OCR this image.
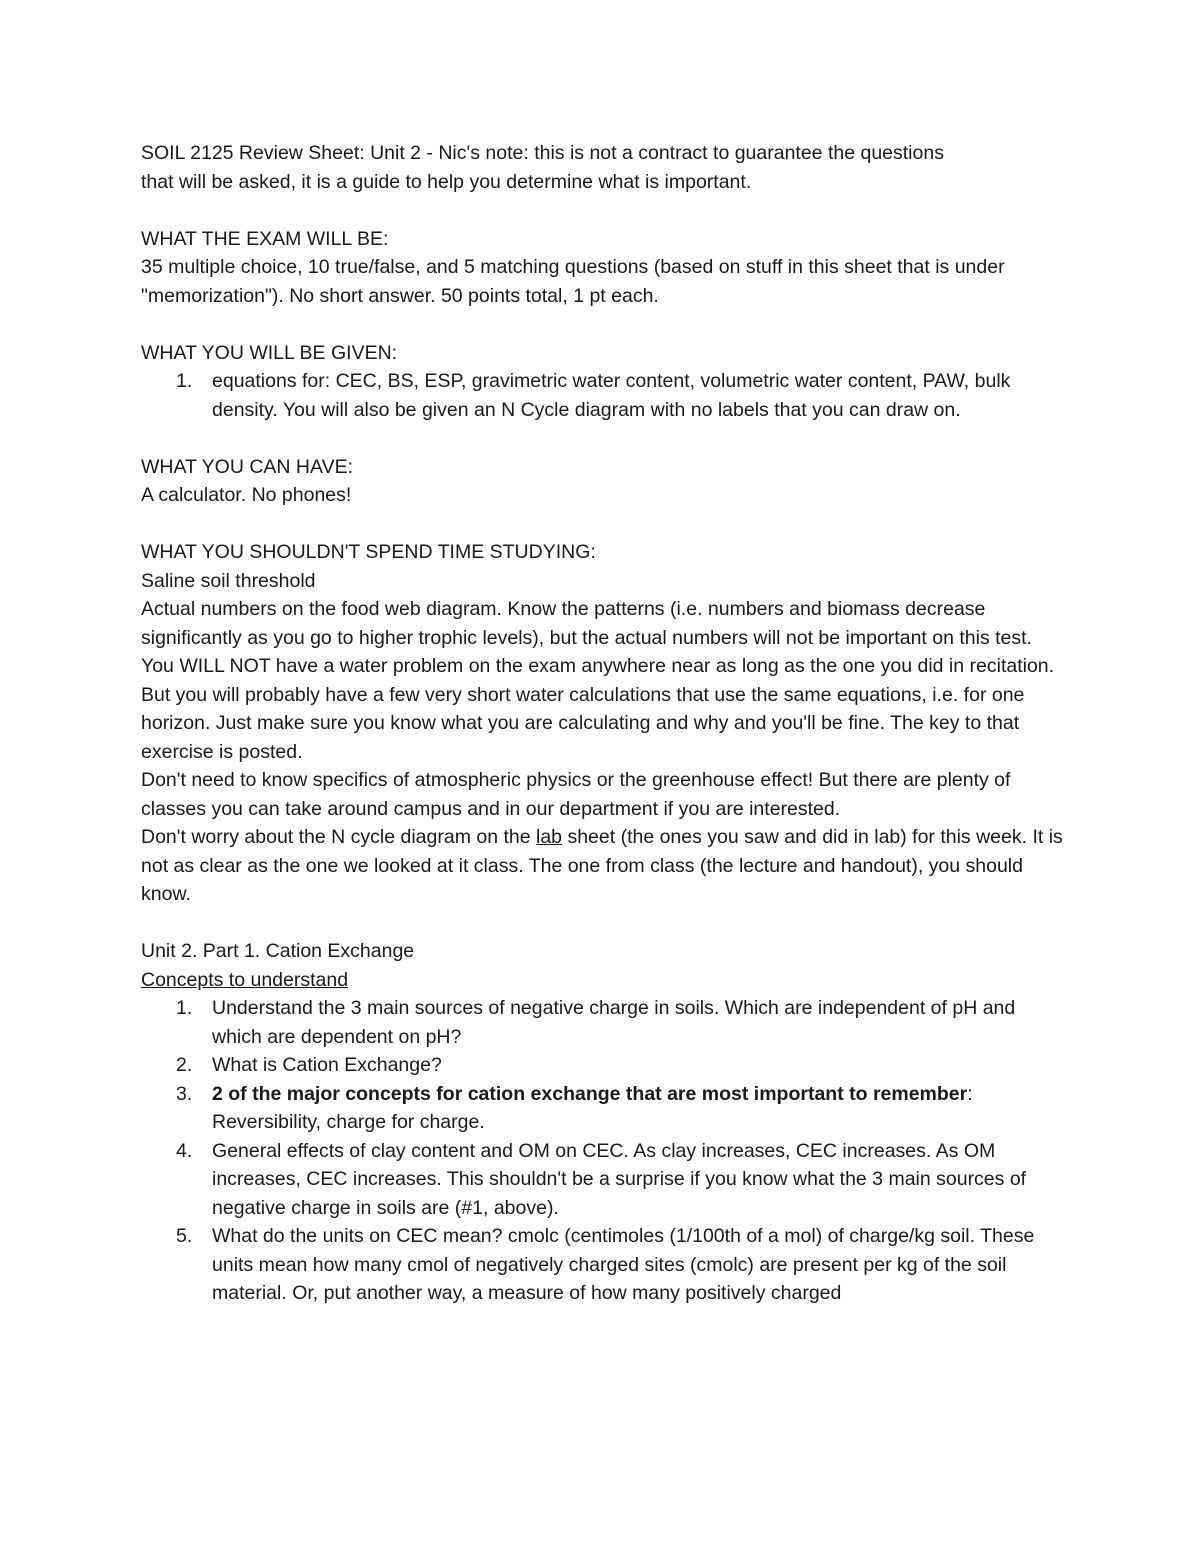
SOIL 2125 Review Sheet: Unit 2 - Nic's note: this is not a contract to guarantee the questions

that will be asked, it is a guide to help you determine what is important.

WHAT THE EXAM WILL BE:

35 multiple choice, 10 true/false, and 5 matching questions (based on stuff in this sheet that is under "memorization"). No short answer. 50 points total, 1 pt each.

WHAT YOU WILL BE GIVEN:

1. equations for: CEC, BS, ESP, gravimetric water content, volumetric water content, PAW, bulk density. You will also be given an N Cycle diagram with no labels that you can draw on.

WHAT YOU CAN HAVE:

A calculator. No phones!

WHAT YOU SHOULDN'T SPEND TIME STUDYING:

Saline soil threshold

Actual numbers on the food web diagram. Know the patterns (i.e. numbers and biomass decrease significantly as you go to higher trophic levels), but the actual numbers will not be important on this test.

You WILL NOT have a water problem on the exam anywhere near as long as the one you did in recitation. But you will probably have a few very short water calculations that use the same equations, i.e. for one horizon. Just make sure you know what you are calculating and why and you'll be fine. The key to that exercise is posted.

Don't need to know specifics of atmospheric physics or the greenhouse effect! But there are plenty of classes you can take around campus and in our department if you are interested.

Don't worry about the N cycle diagram on the lab sheet (the ones you saw and did in lab) for this week. It is not as clear as the one we looked at it class. The one from class (the lecture and handout), you should know.

Unit 2. Part 1. Cation Exchange

Concepts to understand

1. Understand the 3 main sources of negative charge in soils. Which are independent of pH and which are dependent on pH?
2. What is Cation Exchange?
3. 2 of the major concepts for cation exchange that are most important to remember: Reversibility, charge for charge.
4. General effects of clay content and OM on CEC. As clay increases, CEC increases. As OM increases, CEC increases. This shouldn't be a surprise if you know what the 3 main sources of negative charge in soils are (#1, above).
5. What do the units on CEC mean? cmolc (centimoles (1/100th of a mol) of charge/kg soil. These units mean how many cmol of negatively charged sites (cmolc) are present per kg of the soil material. Or, put another way, a measure of how many positively charged
